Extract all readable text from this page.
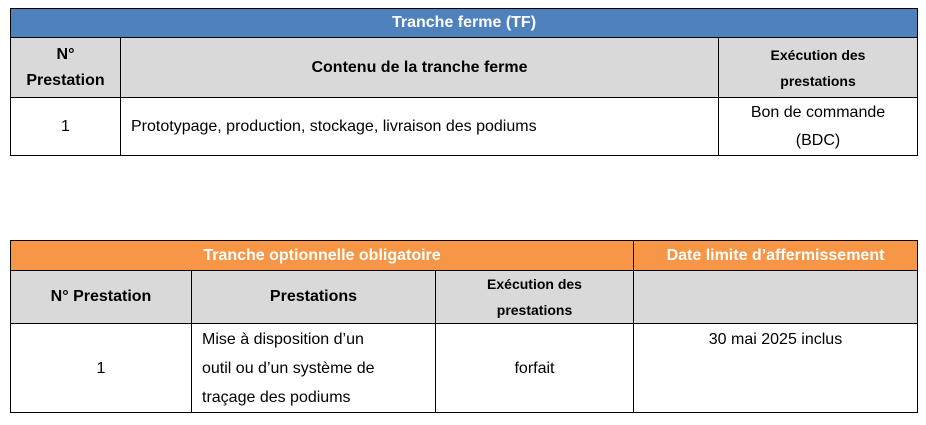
Tranche ferme (TF)		
N°
Prestation	Contenu de la tranche ferme	Exécution des
prestations
1	Prototypage, production, stockage, livraison des podiums	Bon de commande
(BDC)
Tranche optionnelle obligatoire			Date limite d’affermissement
N° Prestation	Prestations	Exécution des
prestations	
1	Mise à disposition d’un
outil ou d’un système de
traçage des podiums	forfait	30 mai 2025 inclus
